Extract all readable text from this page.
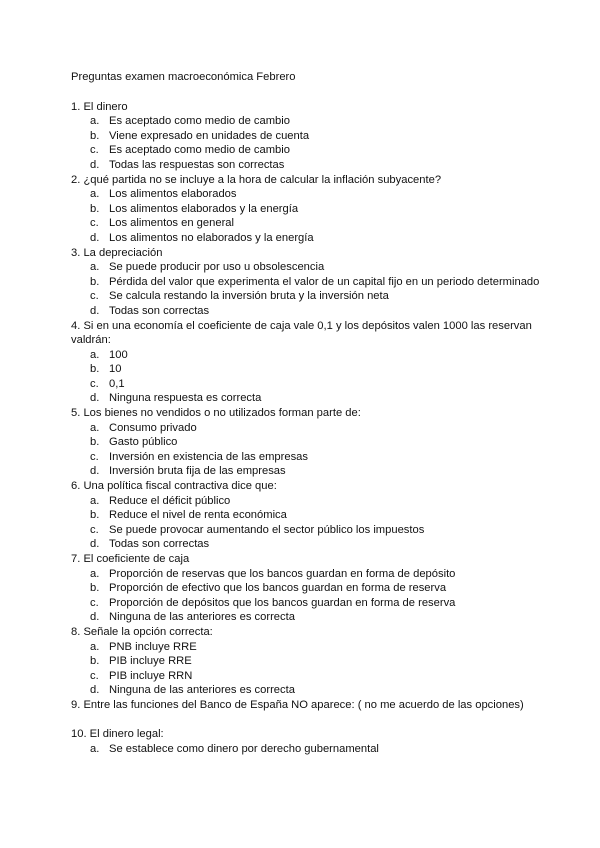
Preguntas examen macroeconómica Febrero
1. El dinero
a. Es aceptado como medio de cambio
b. Viene expresado en unidades de cuenta
c. Es aceptado como medio de cambio
d. Todas las respuestas son correctas
2. ¿qué partida no se incluye a la hora de calcular la inflación subyacente?
a. Los alimentos elaborados
b. Los alimentos elaborados y la energía
c. Los alimentos en general
d. Los alimentos no elaborados y la energía
3. La depreciación
a. Se puede producir por uso u obsolescencia
b. Pérdida del valor que experimenta el valor de un capital fijo en un periodo determinado
c. Se calcula restando la inversión bruta y la inversión neta
d. Todas son correctas
4. Si en una economía el coeficiente de caja vale 0,1 y los depósitos valen 1000 las reservan valdrán:
a. 100
b. 10
c. 0,1
d. Ninguna respuesta es correcta
5. Los bienes no vendidos o no utilizados forman parte de:
a. Consumo privado
b. Gasto público
c. Inversión en existencia de las empresas
d. Inversión bruta fija de las empresas
6. Una política fiscal contractiva dice que:
a. Reduce el déficit público
b. Reduce el nivel de renta económica
c. Se puede provocar aumentando el sector público los impuestos
d. Todas son correctas
7. El coeficiente de caja
a. Proporción de reservas que los bancos guardan en forma de depósito
b. Proporción de efectivo que los bancos guardan en forma de reserva
c. Proporción de depósitos que los bancos guardan en forma de reserva
d. Ninguna de las anteriores es correcta
8. Señale la opción correcta:
a. PNB incluye RRE
b. PIB incluye RRE
c. PIB incluye RRN
d. Ninguna de las anteriores es correcta
9. Entre las funciones del Banco de España NO aparece: ( no me acuerdo de las opciones)
10. El dinero legal:
a. Se establece como dinero por derecho gubernamental
